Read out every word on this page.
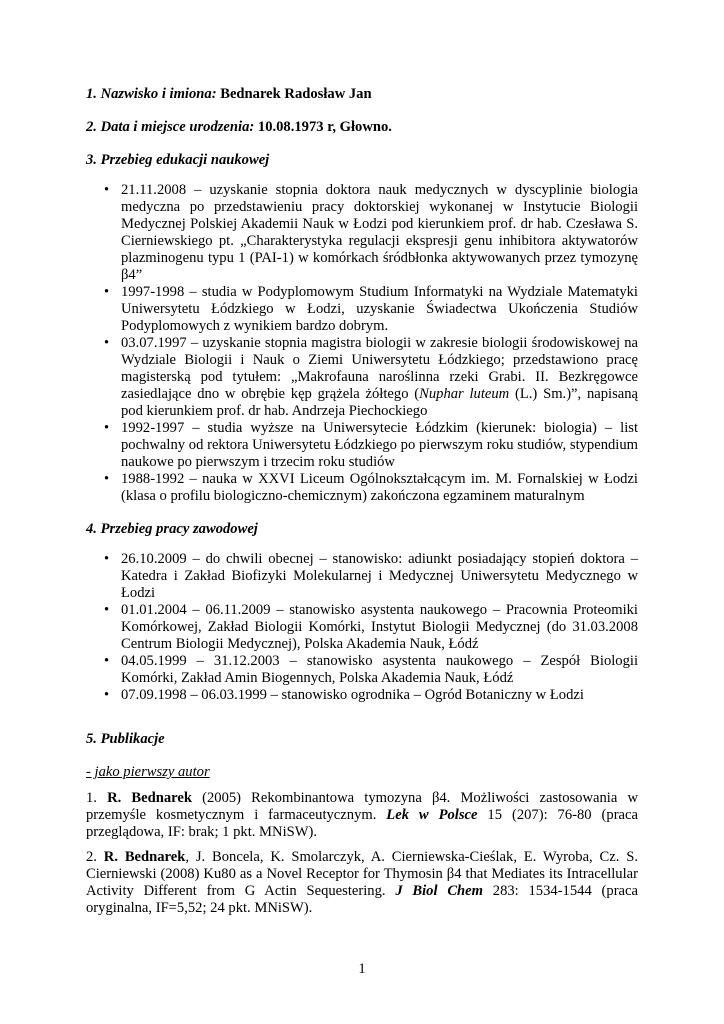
1. Nazwisko i imiona: Bednarek Radosław Jan

2. Data i miejsce urodzenia: 10.08.1973 r, Głowno.

3. Przebieg edukacji naukowej

• 21.11.2008 – uzyskanie stopnia doktora nauk medycznych w dyscyplinie biologia medyczna po przedstawieniu pracy doktorskiej wykonanej w Instytucie Biologii Medycznej Polskiej Akademii Nauk w Łodzi pod kierunkiem prof. dr hab. Czesława S. Cierniewskiego pt. „Charakterystyka regulacji ekspresji genu inhibitora aktywatorów plazminogenu typu 1 (PAI-1) w komórkach śródbłonka aktywowanych przez tymozynę β4”
• 1997-1998 – studia w Podyplomowym Studium Informatyki na Wydziale Matematyki Uniwersytetu Łódzkiego w Łodzi, uzyskanie Świadectwa Ukończenia Studiów Podyplomowych z wynikiem bardzo dobrym.
• 03.07.1997 – uzyskanie stopnia magistra biologii w zakresie biologii środowiskowej na Wydziale Biologii i Nauk o Ziemi Uniwersytetu Łódzkiego; przedstawiono pracę magisterską pod tytułem: „Makrofauna naroślinna rzeki Grabi. II. Bezkręgowce zasiedlające dno w obrębie kęp grążela żółtego (Nuphar luteum (L.) Sm.)”, napisaną pod kierunkiem prof. dr hab. Andrzeja Piechockiego
• 1992-1997 – studia wyższe na Uniwersytecie Łódzkim (kierunek: biologia) – list pochwalny od rektora Uniwersytetu Łódzkiego po pierwszym roku studiów, stypendium naukowe po pierwszym i trzecim roku studiów
• 1988-1992 – nauka w XXVI Liceum Ogólnokształcącym im. M. Fornalskiej w Łodzi (klasa o profilu biologiczno-chemicznym) zakończona egzaminem maturalnym

4. Przebieg pracy zawodowej

• 26.10.2009 – do chwili obecnej – stanowisko: adiunkt posiadający stopień doktora – Katedra i Zakład Biofizyki Molekularnej i Medycznej Uniwersytetu Medycznego w Łodzi
• 01.01.2004 – 06.11.2009 – stanowisko asystenta naukowego – Pracownia Proteomiki Komórkowej, Zakład Biologii Komórki, Instytut Biologii Medycznej (do 31.03.2008 Centrum Biologii Medycznej), Polska Akademia Nauk, Łódź
• 04.05.1999 – 31.12.2003 – stanowisko asystenta naukowego – Zespół Biologii Komórki, Zakład Amin Biogennych, Polska Akademia Nauk, Łódź
• 07.09.1998 – 06.03.1999 – stanowisko ogrodnika – Ogród Botaniczny w Łodzi

5. Publikacje

- jako pierwszy autor

1. R. Bednarek (2005) Rekombinantowa tymozyna β4. Możliwości zastosowania w przemyśle kosmetycznym i farmaceutycznym. Lek w Polsce 15 (207): 76-80 (praca przeglądowa, IF: brak; 1 pkt. MNiSW).

2. R. Bednarek, J. Boncela, K. Smolarczyk, A. Cierniewska-Cieślak, E. Wyroba, Cz. S. Cierniewski (2008) Ku80 as a Novel Receptor for Thymosin β4 that Mediates its Intracellular Activity Different from G Actin Sequestering. J Biol Chem 283: 1534-1544 (praca oryginalna, IF=5,52; 24 pkt. MNiSW).

1
